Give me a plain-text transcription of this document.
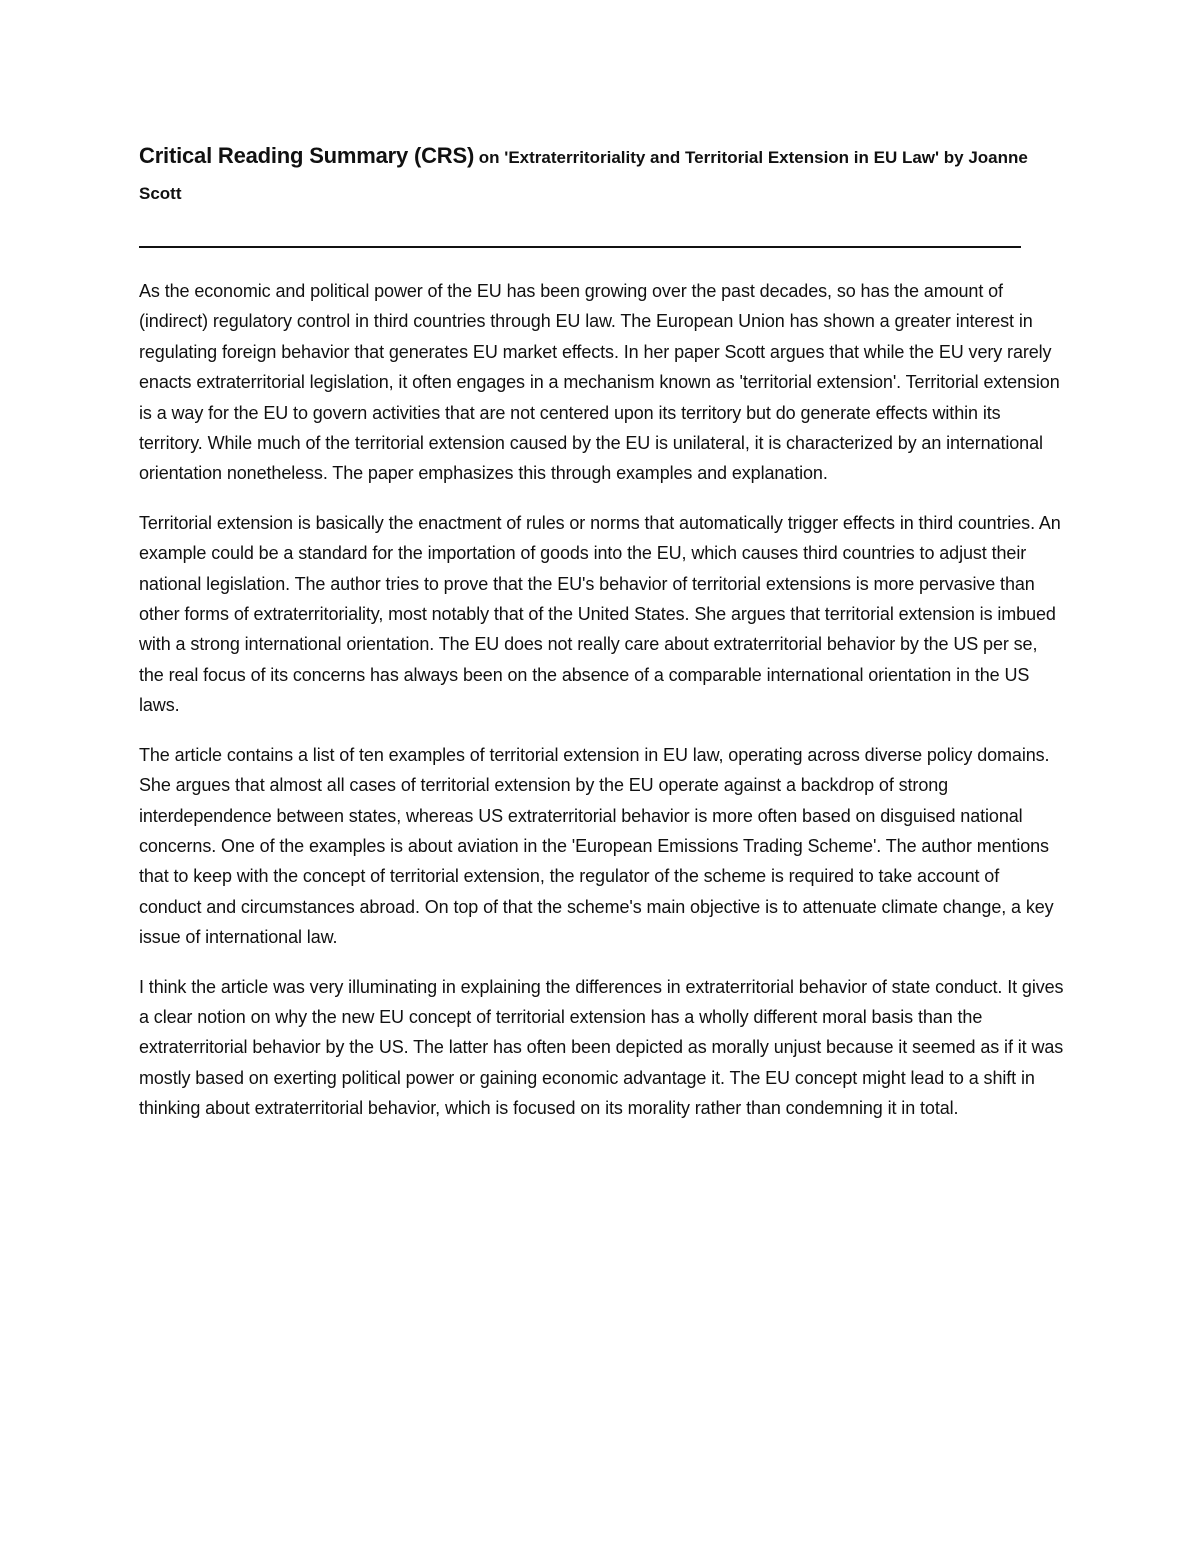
Critical Reading Summary (CRS) on 'Extraterritoriality and Territorial Extension in EU Law' by Joanne Scott

As the economic and political power of the EU has been growing over the past decades, so has the amount of (indirect) regulatory control in third countries through EU law. The European Union has shown a greater interest in regulating foreign behavior that generates EU market effects. In her paper Scott argues that while the EU very rarely enacts extraterritorial legislation, it often engages in a mechanism known as 'territorial extension'. Territorial extension is a way for the EU to govern activities that are not centered upon its territory but do generate effects within its territory. While much of the territorial extension caused by the EU is unilateral, it is characterized by an international orientation nonetheless. The paper emphasizes this through examples and explanation.

Territorial extension is basically the enactment of rules or norms that automatically trigger effects in third countries. An example could be a standard for the importation of goods into the EU, which causes third countries to adjust their national legislation. The author tries to prove that the EU's behavior of territorial extensions is more pervasive than other forms of extraterritoriality, most notably that of the United States. She argues that territorial extension is imbued with a strong international orientation. The EU does not really care about extraterritorial behavior by the US per se, the real focus of its concerns has always been on the absence of a comparable international orientation in the US laws.

The article contains a list of ten examples of territorial extension in EU law, operating across diverse policy domains. She argues that almost all cases of territorial extension by the EU operate against a backdrop of strong interdependence between states, whereas US extraterritorial behavior is more often based on disguised national concerns. One of the examples is about aviation in the 'European Emissions Trading Scheme'. The author mentions that to keep with the concept of territorial extension, the regulator of the scheme is required to take account of conduct and circumstances abroad. On top of that the scheme's main objective is to attenuate climate change, a key issue of international law.

I think the article was very illuminating in explaining the differences in extraterritorial behavior of state conduct. It gives a clear notion on why the new EU concept of territorial extension has a wholly different moral basis than the extraterritorial behavior by the US. The latter has often been depicted as morally unjust because it seemed as if it was mostly based on exerting political power or gaining economic advantage it. The EU concept might lead to a shift in thinking about extraterritorial behavior, which is focused on its morality rather than condemning it in total.
